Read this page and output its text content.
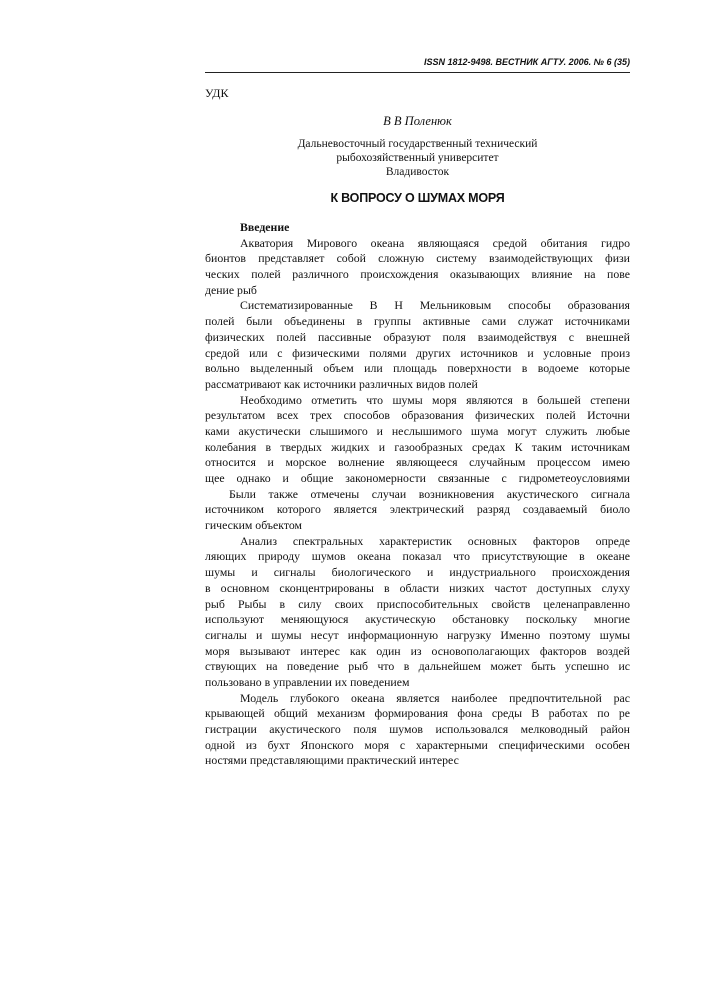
ISSN 1812-9498. ВЕСТНИК АГТУ. 2006. № 6 (35)
УДК
В В Поленюк
Дальневосточный государственный технический
рыбохозяйственный университет
Владивосток
К ВОПРОСУ О ШУМАХ МОРЯ
Введение
Акватория Мирового океана являющаяся средой обитания гидро
бионтов представляет собой сложную систему взаимодействующих физи
ческих полей различного происхождения оказывающих влияние на пове
дение рыб
Систематизированные В Н Мельниковым способы образования
полей были объединены в группы активные сами служат источниками
физических полей пассивные образуют поля взаимодействуя с внешней
средой или с физическими полями других источников и условные произ
вольно выделенный объем или площадь поверхности в водоеме которые
рассматривают как источники различных видов полей
Необходимо отметить что шумы моря являются в большей степени
результатом всех трех способов образования физических полей Источни
ками акустически слышимого и неслышимого шума могут служить любые
колебания в твердых жидких и газообразных средах К таким источникам
относится и морское волнение являющееся случайным процессом имею
щее однако и общие закономерности связанные с гидрометеоусловиями
Были также отмечены случаи возникновения акустического сигнала
источником которого является электрический разряд создаваемый биоло
гическим объектом
Анализ спектральных характеристик основных факторов опреде
ляющих природу шумов океана показал что присутствующие в океане
шумы и сигналы биологического и индустриального происхождения
в основном сконцентрированы в области низких частот доступных слуху
рыб Рыбы в силу своих приспособительных свойств целенаправленно
используют меняющуюся акустическую обстановку поскольку многие
сигналы и шумы несут информационную нагрузку Именно поэтому шумы
моря вызывают интерес как один из основополагающих факторов воздей
ствующих на поведение рыб что в дальнейшем может быть успешно ис
пользовано в управлении их поведением
Модель глубокого океана является наиболее предпочтительной рас
крывающей общий механизм формирования фона среды В работах по ре
гистрации акустического поля шумов использовался мелководный район
одной из бухт Японского моря с характерными специфическими особен
ностями представляющими практический интерес
